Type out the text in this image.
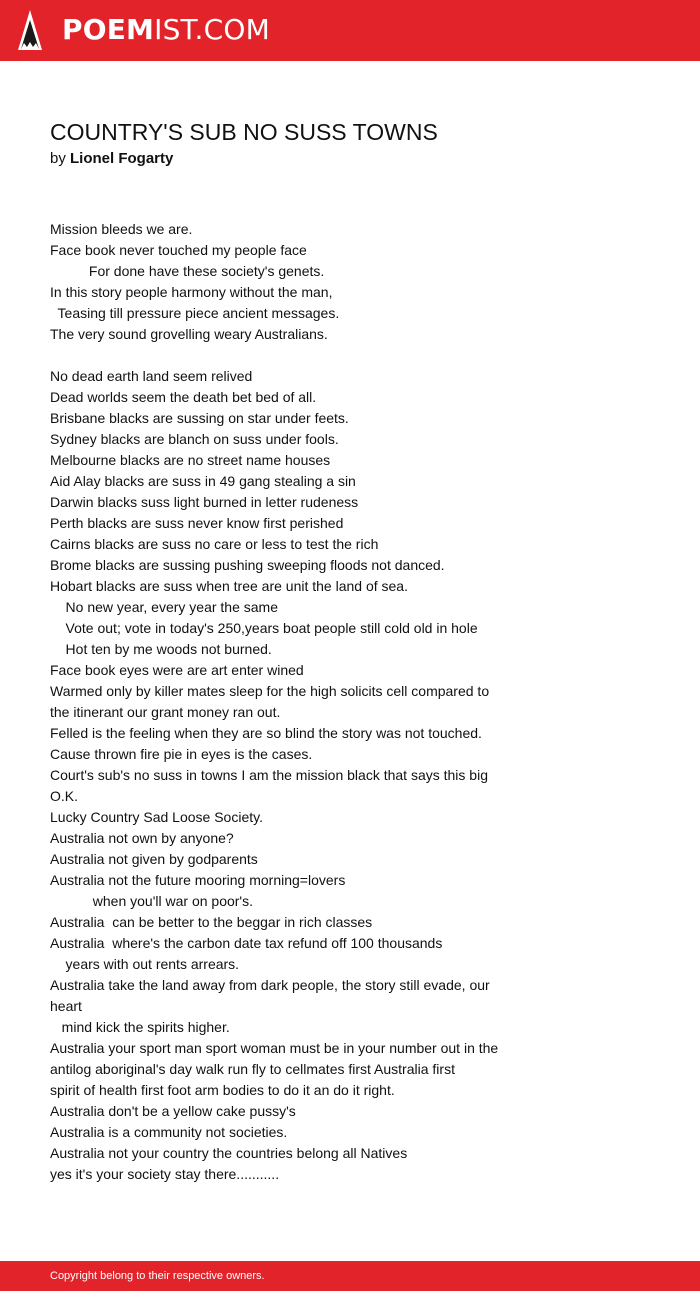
POEMIST.COM
COUNTRY'S SUB NO SUSS TOWNS
by Lionel Fogarty
Mission bleeds we are.
Face book never touched my people face
For done have these society's genets.
In this story people harmony without the man,
Teasing till pressure piece ancient messages.
The very sound grovelling weary Australians.
No dead earth land seem relived
Dead worlds seem the death bet bed of all.
Brisbane blacks are sussing on star under feets.
Sydney blacks are blanch on suss under fools.
Melbourne blacks are no street name houses
Aid Alay blacks are suss in 49 gang stealing a sin
Darwin blacks suss light burned in letter rudeness
Perth blacks are suss never know first perished
Cairns blacks are suss no care or less to test the rich
Brome blacks are sussing pushing sweeping floods not danced.
Hobart blacks are suss when tree are unit the land of sea.
No new year, every year the same
Vote out; vote in today's 250,years boat people still cold old in hole
Hot ten by me woods not burned.
Face book eyes were are art enter wined
Warmed only by killer mates sleep for the high solicits cell compared to
the itinerant our grant money ran out.
Felled is the feeling when they are so blind the story was not touched.
Cause thrown fire pie in eyes is the cases.
Court's sub's no suss in towns I am the mission black that says this big
O.K.
Lucky Country Sad Loose Society.
Australia not own by anyone?
Australia not given by godparents
Australia not the future mooring morning=lovers
when you'll war on poor's.
Australia  can be better to the beggar in rich classes
Australia  where's the carbon date tax refund off 100 thousands
years with out rents arrears.
Australia take the land away from dark people, the story still evade, our
heart
mind kick the spirits higher.
Australia your sport man sport woman must be in your number out in the
antilog aboriginal's day walk run fly to cellmates first Australia first
spirit of health first foot arm bodies to do it an do it right.
Australia don't be a yellow cake pussy's
Australia is a community not societies.
Australia not your country the countries belong all Natives
yes it's your society stay there...........
Copyright belong to their respective owners.
